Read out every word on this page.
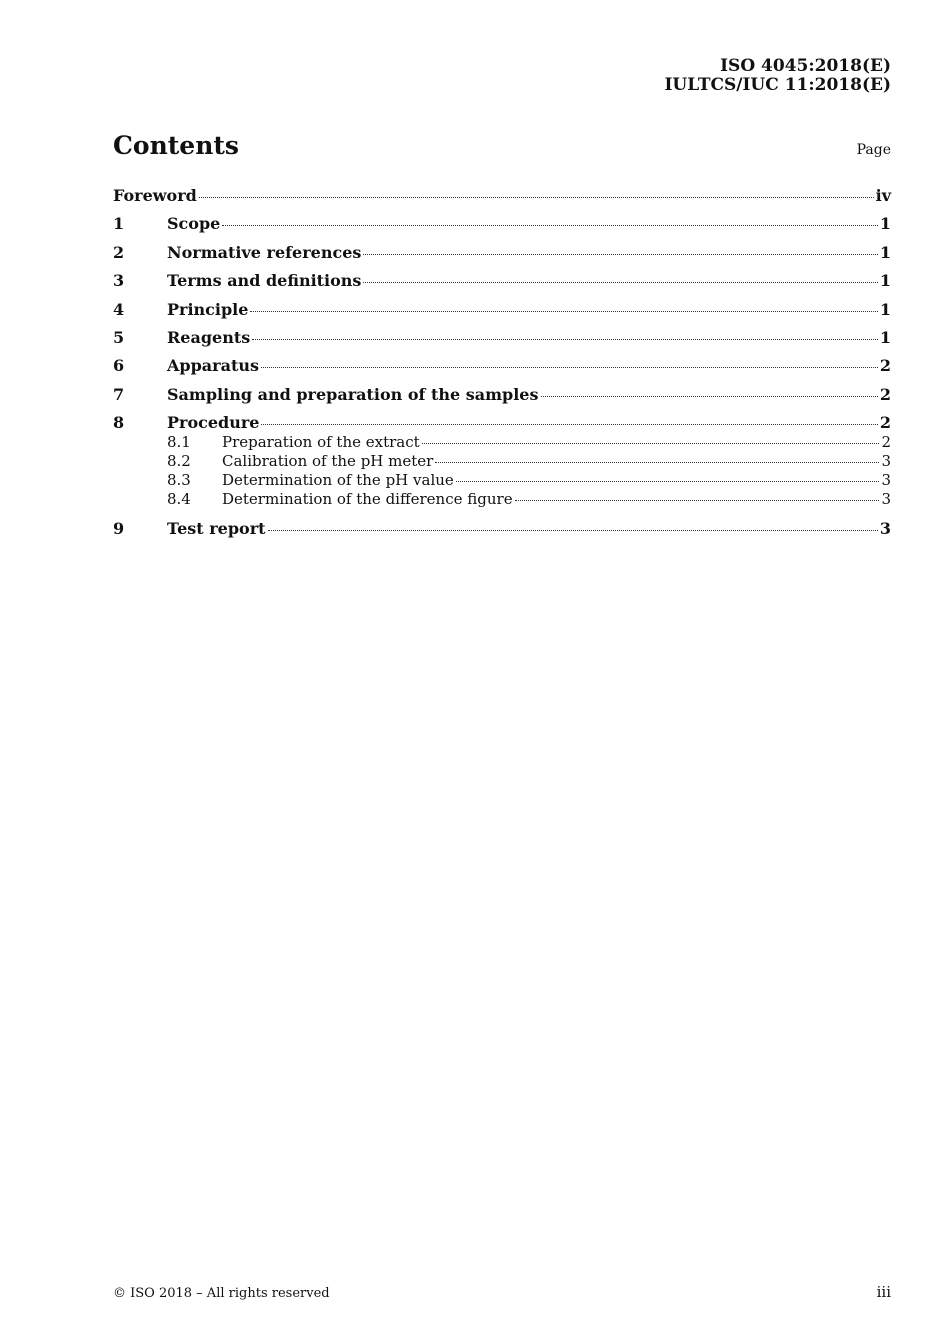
ISO 4045:2018(E)
IULTCS/IUC 11:2018(E)
Contents	Page
Foreword	iv
1	Scope	1
2	Normative references	1
3	Terms and definitions	1
4	Principle	1
5	Reagents	1
6	Apparatus	2
7	Sampling and preparation of the samples	2
8	Procedure	2
8.1	Preparation of the extract	2
8.2	Calibration of the pH meter	3
8.3	Determination of the pH value	3
8.4	Determination of the difference figure	3
9	Test report	3
© ISO 2018 – All rights reserved	iii
